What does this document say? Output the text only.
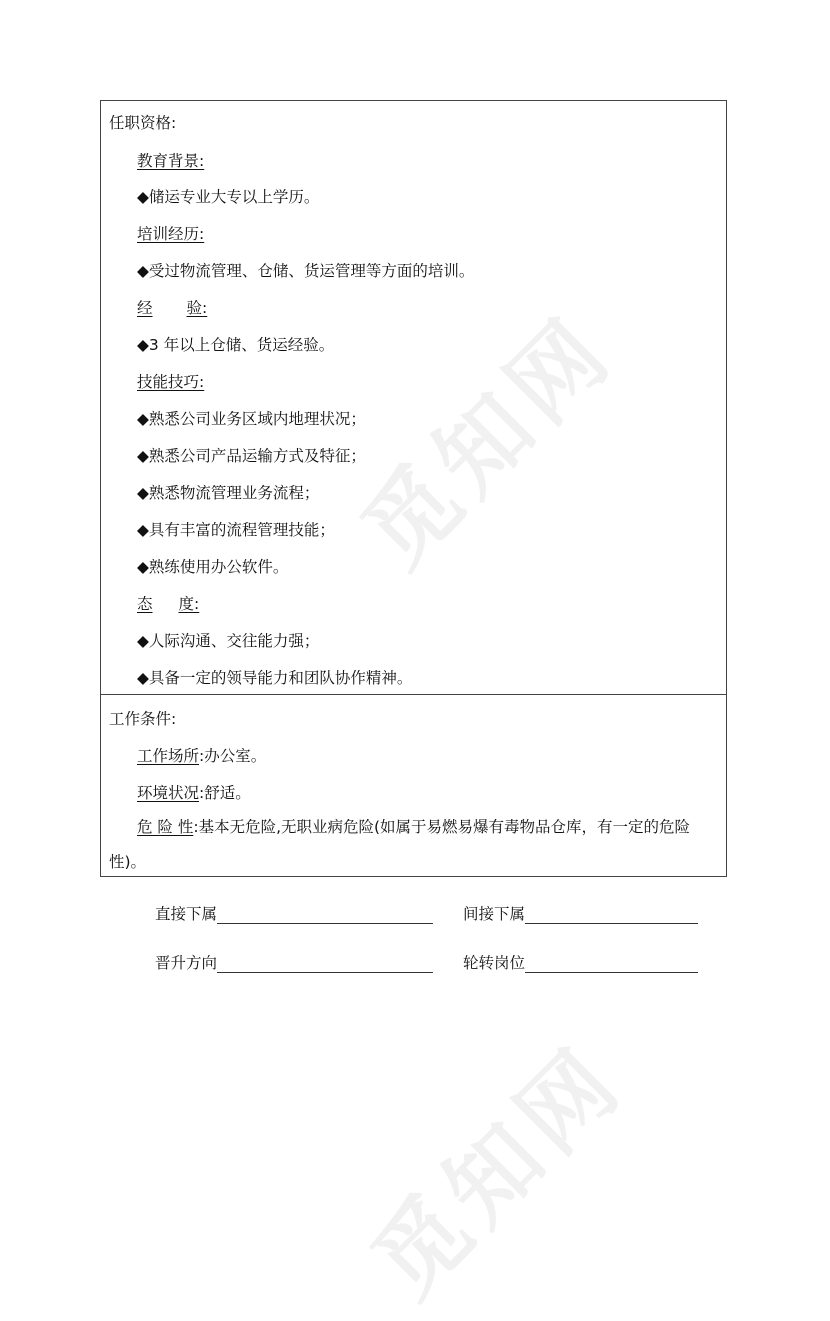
觅知网
觅知网
任职资格:
教育背景:
◆储运专业大专以上学历。
培训经历:
◆受过物流管理、仓储、货运管理等方面的培训。
经 验:
◆3 年以上仓储、货运经验。
技能技巧:
◆熟悉公司业务区域内地理状况；
◆熟悉公司产品运输方式及特征；
◆熟悉物流管理业务流程；
◆具有丰富的流程管理技能；
◆熟练使用办公软件。
态 度:
◆人际沟通、交往能力强；
◆具备一定的领导能力和团队协作精神。
工作条件:
工作场所:办公室。
环境状况:舒适。
危 险 性:基本无危险,无职业病危险(如属于易燃易爆有毒物品仓库，有一定的危险性)。
直接下属	间接下属
晋升方向	轮转岗位
